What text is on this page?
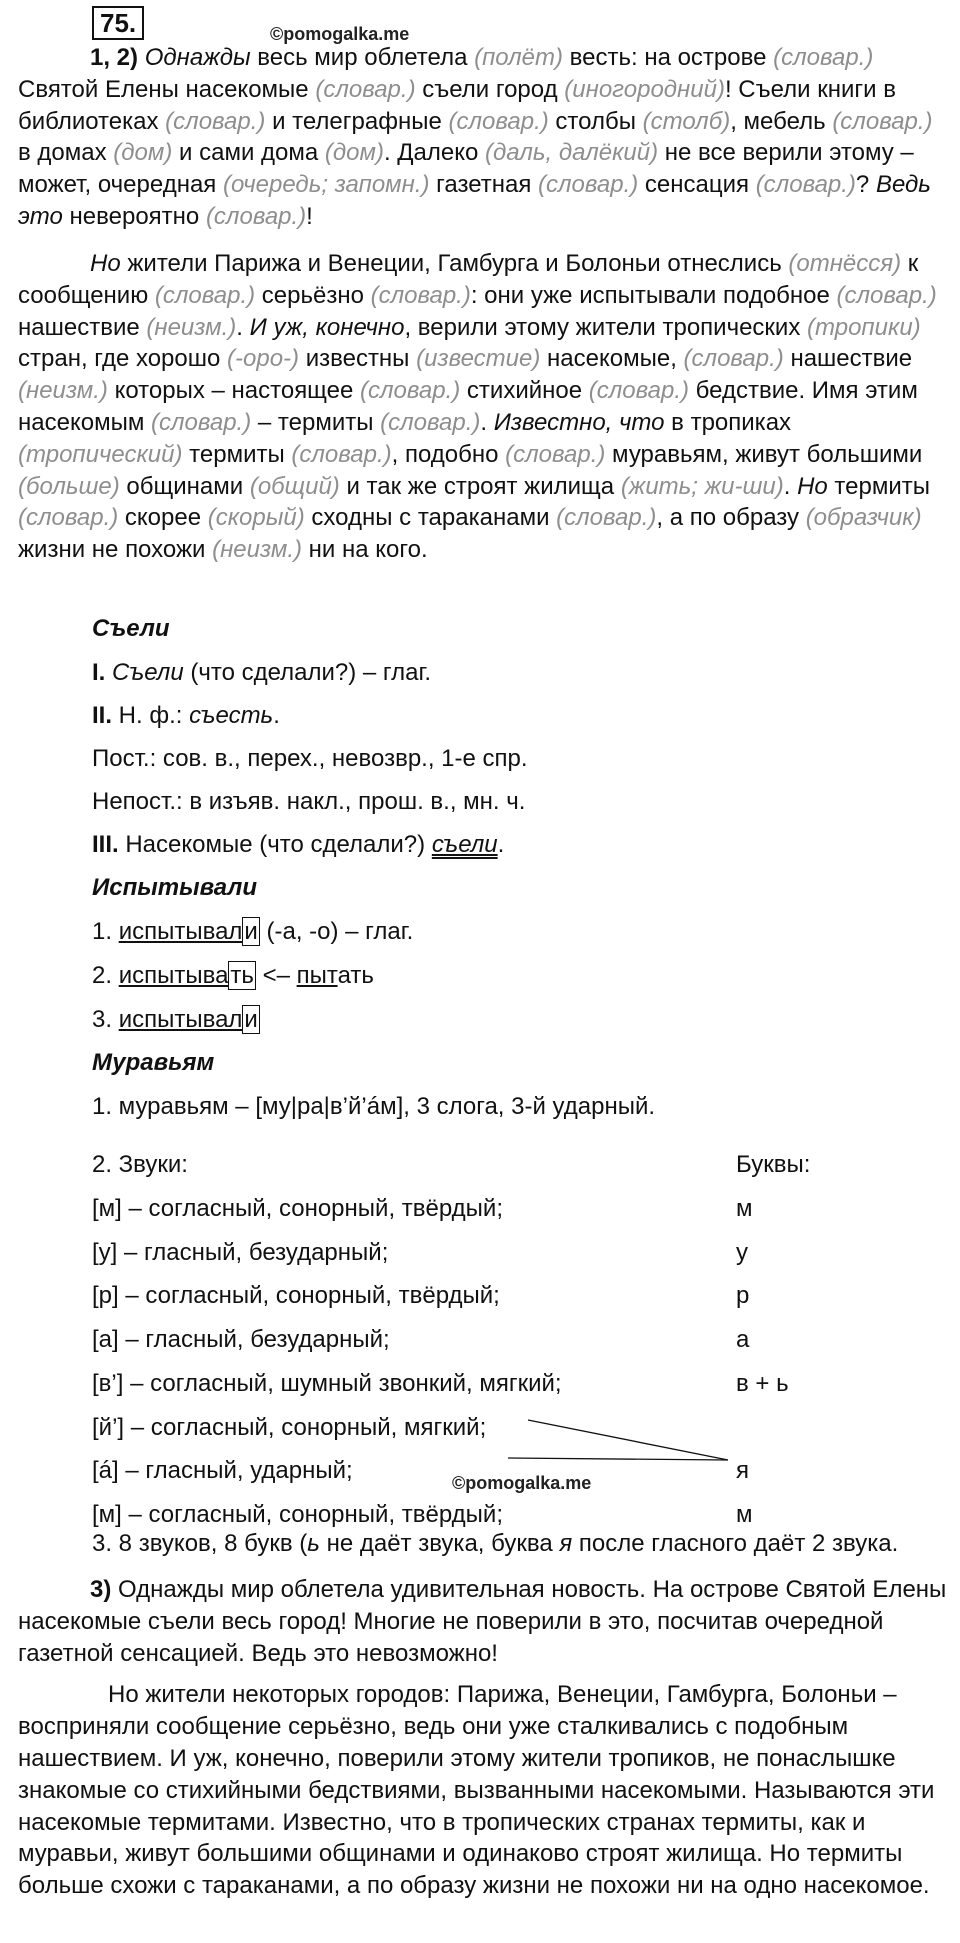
75.	©pomogalka.me

1, 2) Однажды весь мир облетела (полёт) весть: на острове (словар.) Святой Елены насекомые (словар.) съели город (иногородний)! Съели книги в библиотеках (словар.) и телеграфные (словар.) столбы (столб), мебель (словар.) в домах (дом) и сами дома (дом). Далеко (даль, далёкий) не все верили этому – может, очередная (очередь; запомн.) газетная (словар.) сенсация (словар.)? Ведь это невероятно (словар.)!

Но жители Парижа и Венеции, Гамбурга и Болоньи отнеслись (отнёсся) к сообщению (словар.) серьёзно (словар.): они уже испытывали подобное (словар.) нашествие (неизм.). И уж, конечно, верили этому жители тропических (тропики) стран, где хорошо (-оро-) известны (известие) насекомые, (словар.) нашествие (неизм.) которых – настоящее (словар.) стихийное (словар.) бедствие. Имя этим насекомым (словар.) – термиты (словар.). Известно, что в тропиках (тропический) термиты (словар.), подобно (словар.) муравьям, живут большими (больше) общинами (общий) и так же строят жилища (жить; жи-ши). Но термиты (словар.) скорее (скорый) сходны с тараканами (словар.), а по образу (образчик) жизни не похожи (неизм.) ни на кого.

Съели
I. Съели (что сделали?) – глаг.
II. Н. ф.: съесть.
Пост.: сов. в., перех., невозвр., 1-е спр.
Непост.: в изъяв. накл., прош. в., мн. ч.
III. Насекомые (что сделали?) съели.
Испытывали
1. испытывали (-а, -о) – глаг.
2. испытывать <– пытать
3. испытывали
Муравьям
1. муравьям – [му|ра|в’й’áм], 3 слога, 3-й ударный.
2. Звуки:	Буквы:
[м] – согласный, сонорный, твёрдый;	м
[у] – гласный, безударный;	у
[р] – согласный, сонорный, твёрдый;	р
[а] – гласный, безударный;	а
[в’] – согласный, шумный звонкий, мягкий;	в + ь
[й’] – согласный, сонорный, мягкий;
[á] – гласный, ударный;	я
[м] – согласный, сонорный, твёрдый;	м
©pomogalka.me
3. 8 звуков, 8 букв (ь не даёт звука, буква я после гласного даёт 2 звука.

3) Однажды мир облетела удивительная новость. На острове Святой Елены насекомые съели весь город! Многие не поверили в это, посчитав очередной газетной сенсацией. Ведь это невозможно!

Но жители некоторых городов: Парижа, Венеции, Гамбурга, Болоньи – восприняли сообщение серьёзно, ведь они уже сталкивались с подобным нашествием. И уж, конечно, поверили этому жители тропиков, не понаслышке знакомые со стихийными бедствиями, вызванными насекомыми. Называются эти насекомые термитами. Известно, что в тропических странах термиты, как и муравьи, живут большими общинами и одинаково строят жилища. Но термиты больше схожи с тараканами, а по образу жизни не похожи ни на одно насекомое.
